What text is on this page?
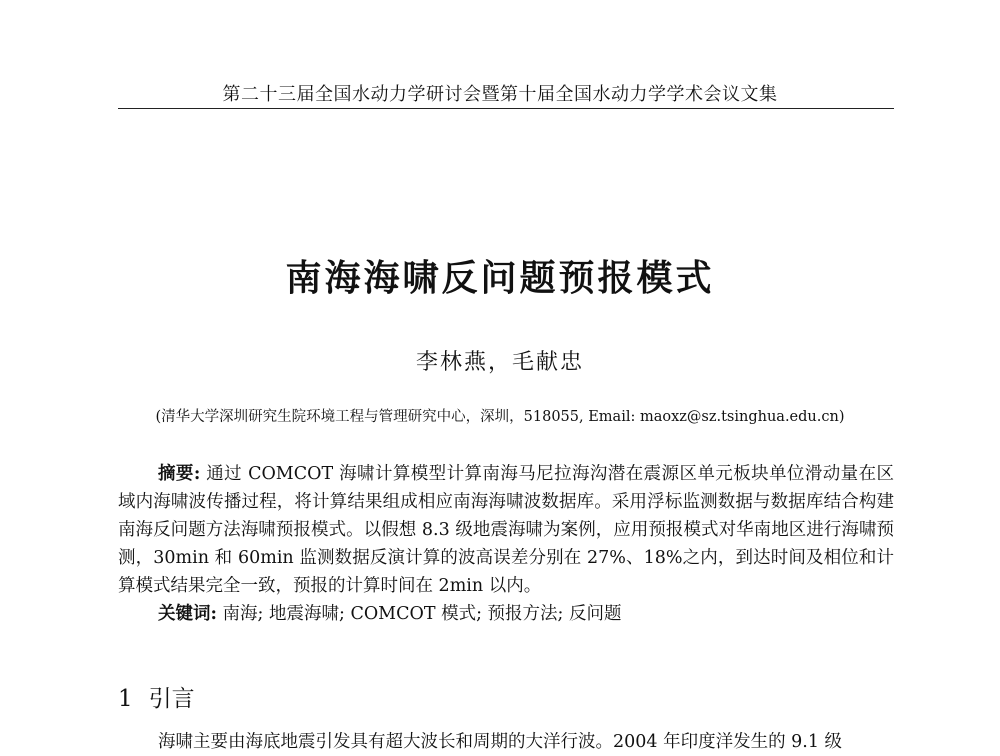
第二十三届全国水动力学研讨会暨第十届全国水动力学学术会议文集
南海海啸反问题预报模式
李林燕，毛献忠
(清华大学深圳研究生院环境工程与管理研究中心，深圳，518055, Email: maoxz@sz.tsinghua.edu.cn)

摘要: 通过 COMCOT 海啸计算模型计算南海马尼拉海沟潜在震源区单元板块单位滑动量在区域内海啸波传播过程，将计算结果组成相应南海海啸波数据库。采用浮标监测数据与数据库结合构建南海反问题方法海啸预报模式。以假想 8.3 级地震海啸为案例，应用预报模式对华南地区进行海啸预测，30min 和 60min 监测数据反演计算的波高误差分别在 27%、18%之内，到达时间及相位和计算模式结果完全一致，预报的计算时间在 2min 以内。

关键词: 南海; 地震海啸; COMCOT 模式; 预报方法; 反问题

1 引言
海啸主要由海底地震引发具有超大波长和周期的大洋行波。2004 年印度洋发生的 9.1 级
